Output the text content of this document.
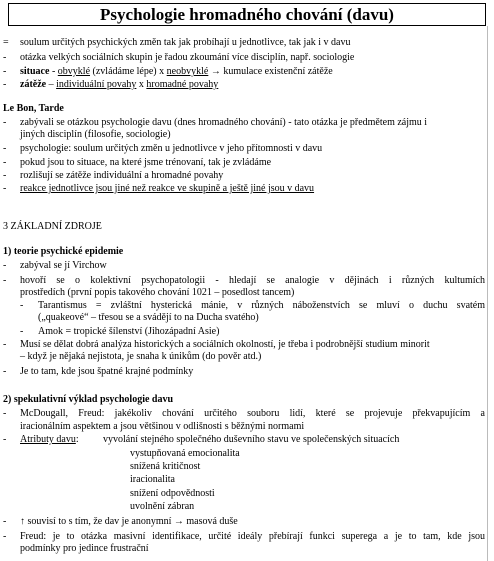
Psychologie hromadného chování (davu)
= soulum určitých psychických změn tak jak probíhají u jednotlivce, tak jak i v davu
- otázka velkých sociálních skupin je řadou zkoumání více disciplín, např. sociologie
- situace - obvyklé (zvládáme lépe) x neobvyklé → kumulace existenční zátěže
- zátěže – individuální povahy x hromadné povahy
Le Bon, Tarde
- zabývali se otázkou psychologie davu (dnes hromadného chování) - tato otázka je předmětem zájmu i
jiných disciplín (filosofie, sociologie)
- psychologie: soulum určitých změn u jednotlivce v jeho přítomnosti v davu
- pokud jsou to situace, na které jsme trénovaní, tak je zvládáme
- rozlišují se zátěže individuální a hromadné povahy
- reakce jednotlivce jsou jiné než reakce ve skupině a ještě jiné jsou v davu
3 ZÁKLADNÍ ZDROJE
1) teorie psychické epidemie
- zabýval se jí Virchow
- hovoří se o kolektivní psychopatologii - hledají se analogie v dějinách i různých kultumích
prostředích (první popis takového chování 1021 – posedlost tancem)
- Tarantismus = zvláštní hysterická mánie, v různých náboženstvích se mluví o duchu svatém
(„quakeové“ – třesou se a svádějí to na Ducha svatého)
- Amok = tropické šílenství (Jihozápadní Asie)
- Musí se dělat dobrá analýza historických a sociálních okolností, je třeba i podrobnější studium minorit
– když je nějaká nejistota, je snaha k únikům (do pověr atd.)
- Je to tam, kde jsou špatné krajné podmínky
2) spekulativní výklad psychologie davu
- McDougall, Freud: jakékoliv chování určitého souboru lidí, které se projevuje překvapujícím a
iracionálním aspektem a jsou většinou v odlišnosti s běžnými normami
- Atributy davu: vyvolání stejného společného duševního stavu ve společenských situacích
vystupňovaná emocionalita
snížená kritičnost
iracionalita
snížení odpovědnosti
uvolnění zábran
- ↑ souvisí to s tím, že dav je anonymní → masová duše
- Freud: je to otázka masivní identifikace, určité ideály přebírají funkci superega a je to tam, kde jsou
podmínky pro jedince frustrační
